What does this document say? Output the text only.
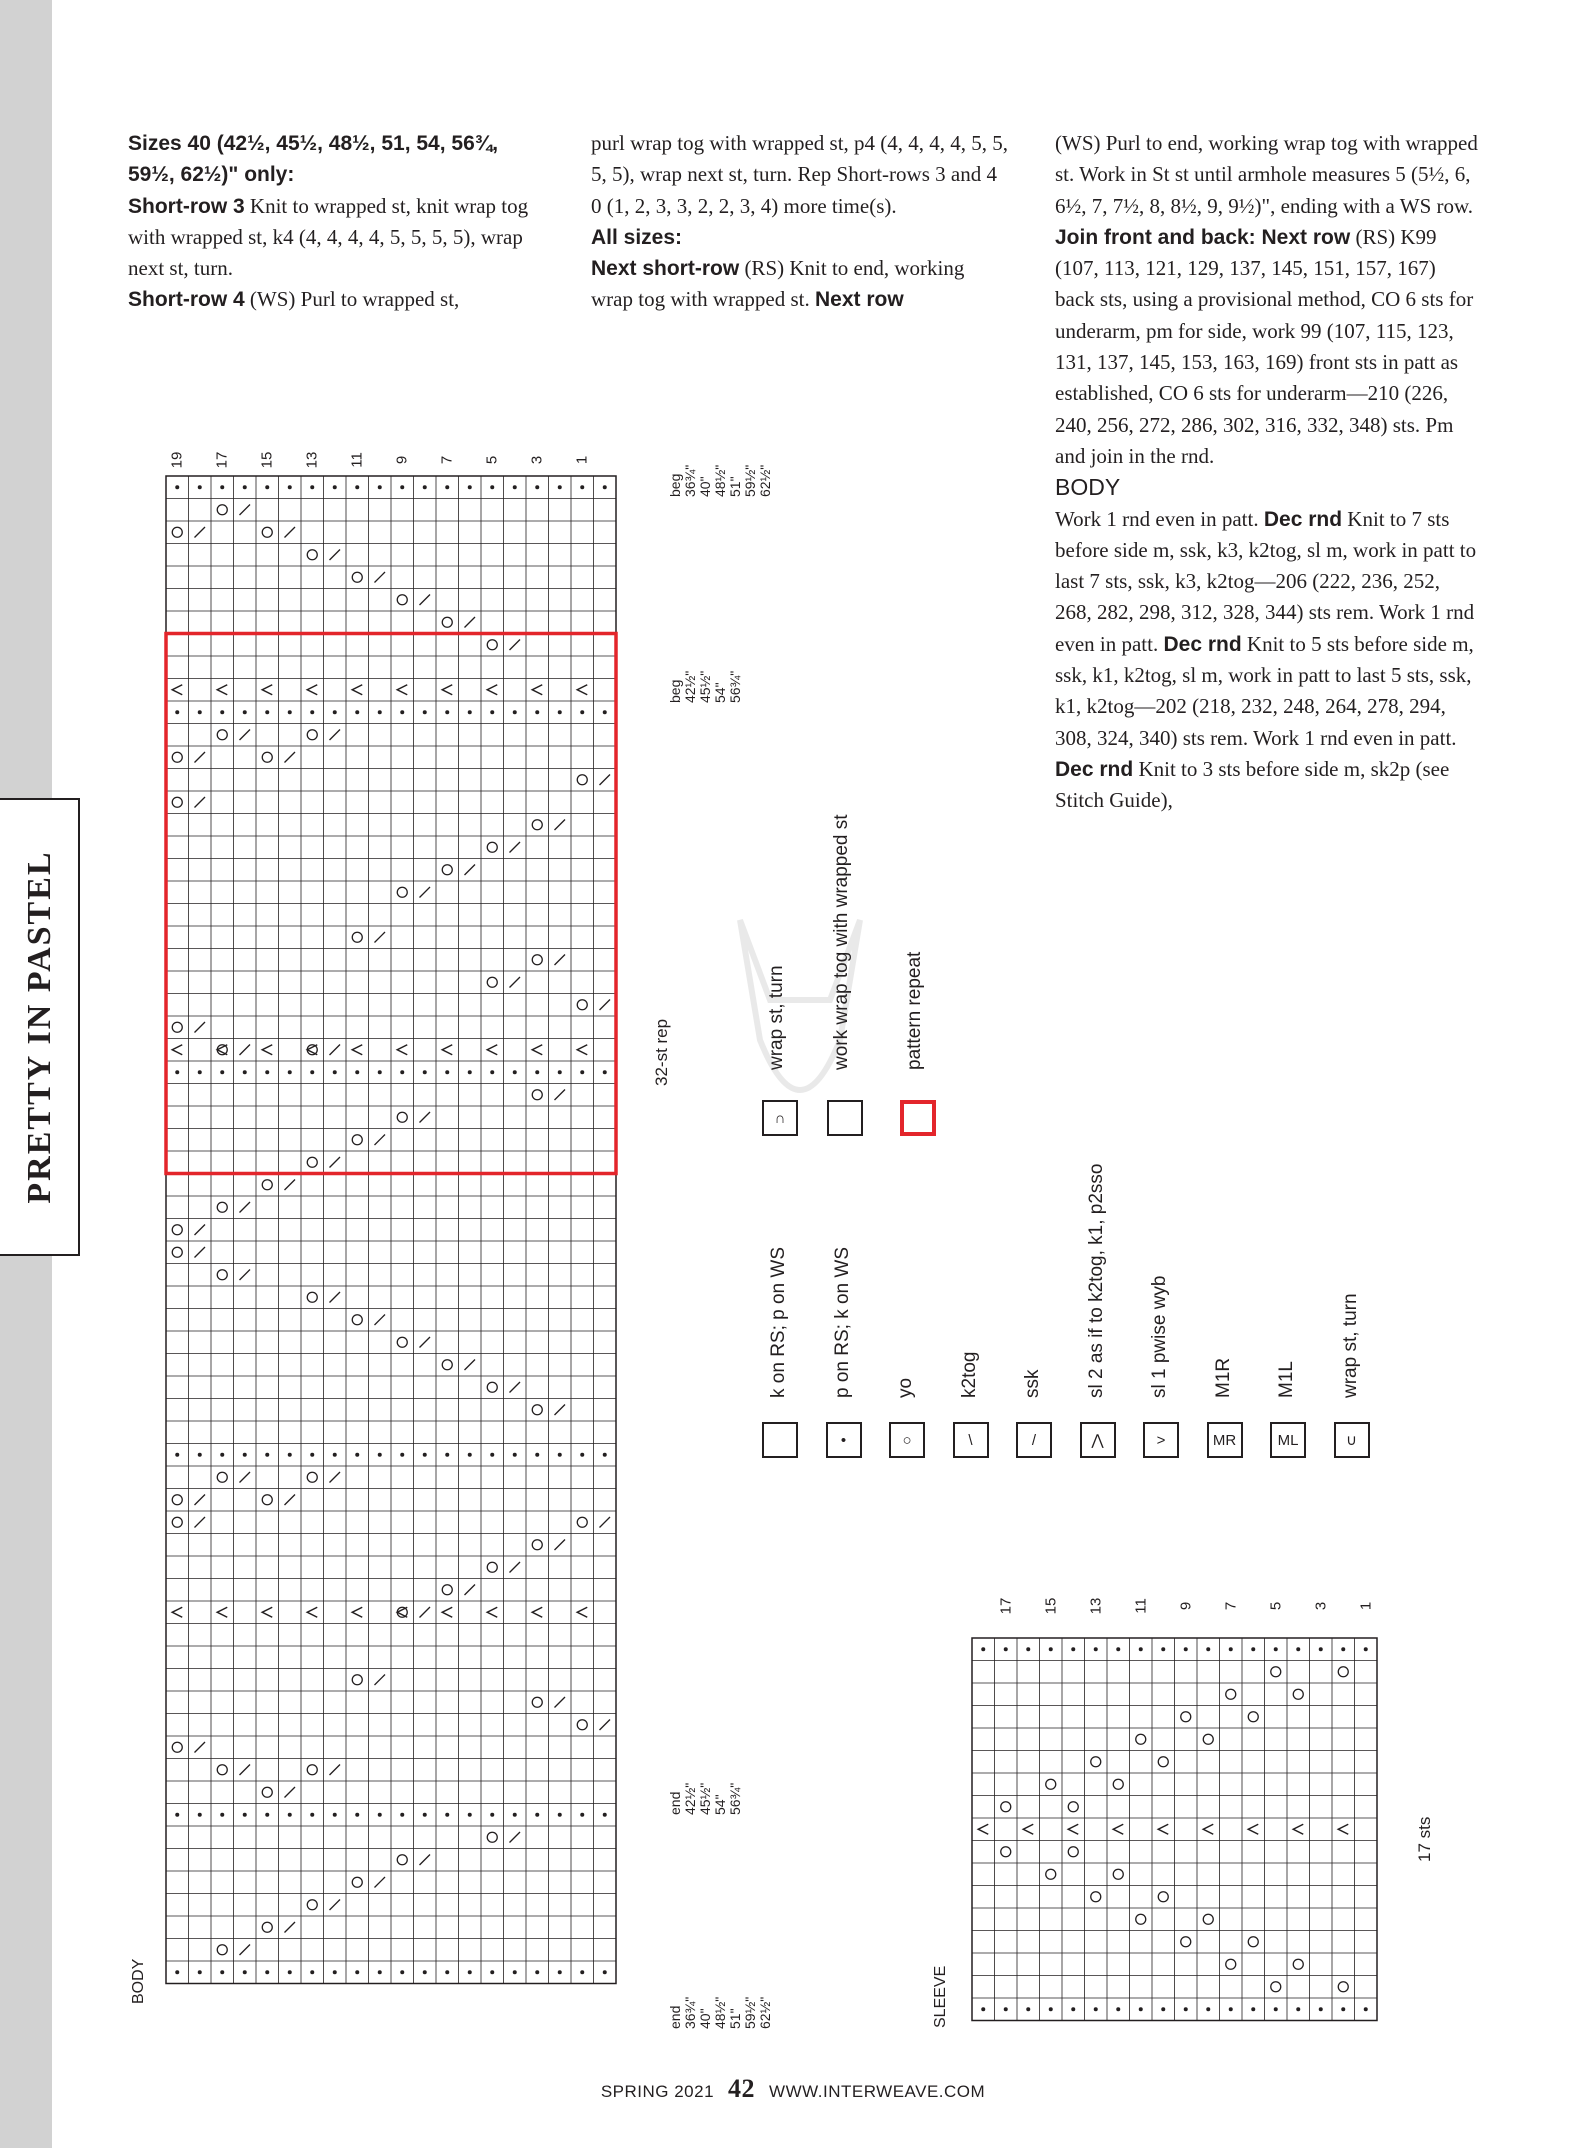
PRETTY IN PASTEL

Sizes 40 (42½, 45½, 48½, 51, 54, 56¾, 59½, 62½)" only:

Short-row 3 Knit to wrapped st, knit wrap tog with wrapped st, k4 (4, 4, 4, 4, 5, 5, 5, 5), wrap next st, turn.

Short-row 4 (WS) Purl to wrapped st,

purl wrap tog with wrapped st, p4 (4, 4, 4, 4, 5, 5, 5, 5), wrap next st, turn. Rep Short-rows 3 and 4 0 (1, 2, 3, 3, 2, 2, 3, 4) more time(s).

All sizes:

Next short-row (RS) Knit to end, working wrap tog with wrapped st. Next row

(WS) Purl to end, working wrap tog with wrapped st. Work in St st until armhole measures 5 (5½, 6, 6½, 7, 7½, 8, 8½, 9, 9½)", ending with a WS row. Join front and back: Next row (RS) K99 (107, 113, 121, 129, 137, 145, 151, 157, 167) back sts, using a provisional method, CO 6 sts for underarm, pm for side, work 99 (107, 115, 123, 131, 137, 145, 153, 163, 169) front sts in patt as established, CO 6 sts for underarm—210 (226, 240, 256, 272, 286, 302, 316, 332, 348) sts. Pm and join in the rnd.

BODY

Work 1 rnd even in patt. Dec rnd Knit to 7 sts before side m, ssk, k3, k2tog, sl m, work in patt to last 7 sts, ssk, k3, k2tog—206 (222, 236, 252, 268, 282, 298, 312, 328, 344) sts rem. Work 1 rnd even in patt. Dec rnd Knit to 5 sts before side m, ssk, k1, k2tog, sl m, work in patt to last 5 sts, ssk, k1, k2tog—202 (218, 232, 248, 264, 278, 294, 308, 324, 340) sts rem. Work 1 rnd even in patt. Dec rnd Knit to 3 sts before side m, sk2p (see Stitch Guide),

19 17 15 13 11 9 7 5 3 1
BODY
32-st rep
beg 36¾" 40" 48½" 51" 59½" 62½"
beg 42½" 45½" 54" 56¾"
end 42½" 45½" 54" 56¾"
end 36¾" 40" 48½" 51" 59½" 62½"
17 15 13 11 9 7 5 3 1
SLEEVE
17 sts
k on RS; p on WS
•
p on RS; k on WS
○
yo
\
k2tog
/
ssk
⋀
sl 2 as if to k2tog, k1, p2sso
>
sl 1 pwise wyb
MR
M1R
ML
M1L
∪
wrap st, turn
∩
wrap st, turn work wrap tog with wrapped st	pattern repeat
SPRING 2021 42 WWW.INTERWEAVE.COM
